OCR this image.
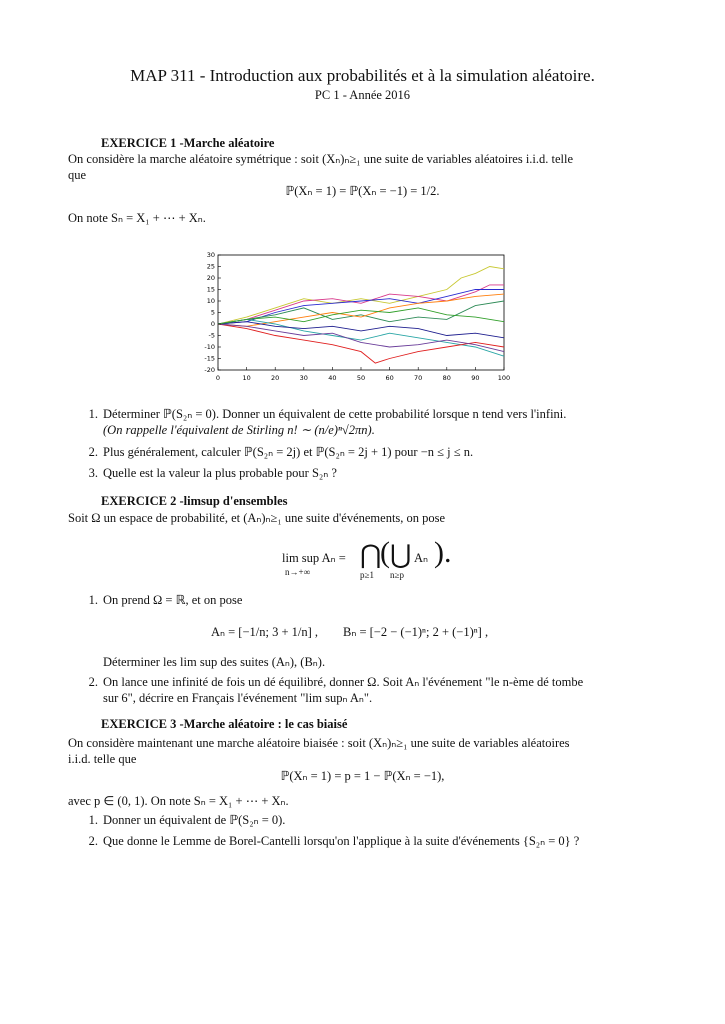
MAP 311 - Introduction aux probabilités et à la simulation aléatoire.
PC 1 - Année 2016
EXERCICE 1 -Marche aléatoire
On considère la marche aléatoire symétrique : soit (Xₙ)ₙ≥₁ une suite de variables aléatoires i.i.d. telle
que
ℙ(Xₙ = 1) = ℙ(Xₙ = −1) = 1/2.
On note Sₙ = X₁ + ⋯ + Xₙ.
0	10	20	30	40	50	60	70	80	90	100
30
25
20
15
10
5
0
-5
-10
-15
-20
1. Déterminer ℙ(S₂ₙ = 0). Donner un équivalent de cette probabilité lorsque n tend vers l'infini.
(On rappelle l'équivalent de Stirling n! ∼ (n/e)ⁿ√2πn).
2. Plus généralement, calculer ℙ(S₂ₙ = 2j) et ℙ(S₂ₙ = 2j + 1) pour −n ≤ j ≤ n.
3. Quelle est la valeur la plus probable pour S₂ₙ ?
EXERCICE 2 -limsup d'ensembles
Soit Ω un espace de probabilité, et (Aₙ)ₙ≥₁ une suite d'événements, on pose
lim sup Aₙ =
n→+∞
⋂
p≥1
( ⋃
n≥p
Aₙ ).
1. On prend Ω = ℝ, et on pose
Aₙ = [−1/n; 3 + 1/n] ,        Bₙ = [−2 − (−1)ⁿ; 2 + (−1)ⁿ] ,
Déterminer les lim sup des suites (Aₙ), (Bₙ).
2. On lance une infinité de fois un dé équilibré, donner Ω. Soit Aₙ l'événement "le n-ème dé tombe
sur 6", décrire en Français l'événement "lim supₙ Aₙ".
EXERCICE 3 -Marche aléatoire : le cas biaisé
On considère maintenant une marche aléatoire biaisée : soit (Xₙ)ₙ≥₁ une suite de variables aléatoires
i.i.d. telle que
ℙ(Xₙ = 1) = p = 1 − ℙ(Xₙ = −1),
avec p ∈ (0, 1). On note Sₙ = X₁ + ⋯ + Xₙ.
1. Donner un équivalent de ℙ(S₂ₙ = 0).
2. Que donne le Lemme de Borel-Cantelli lorsqu'on l'applique à la suite d'événements {S₂ₙ = 0} ?
